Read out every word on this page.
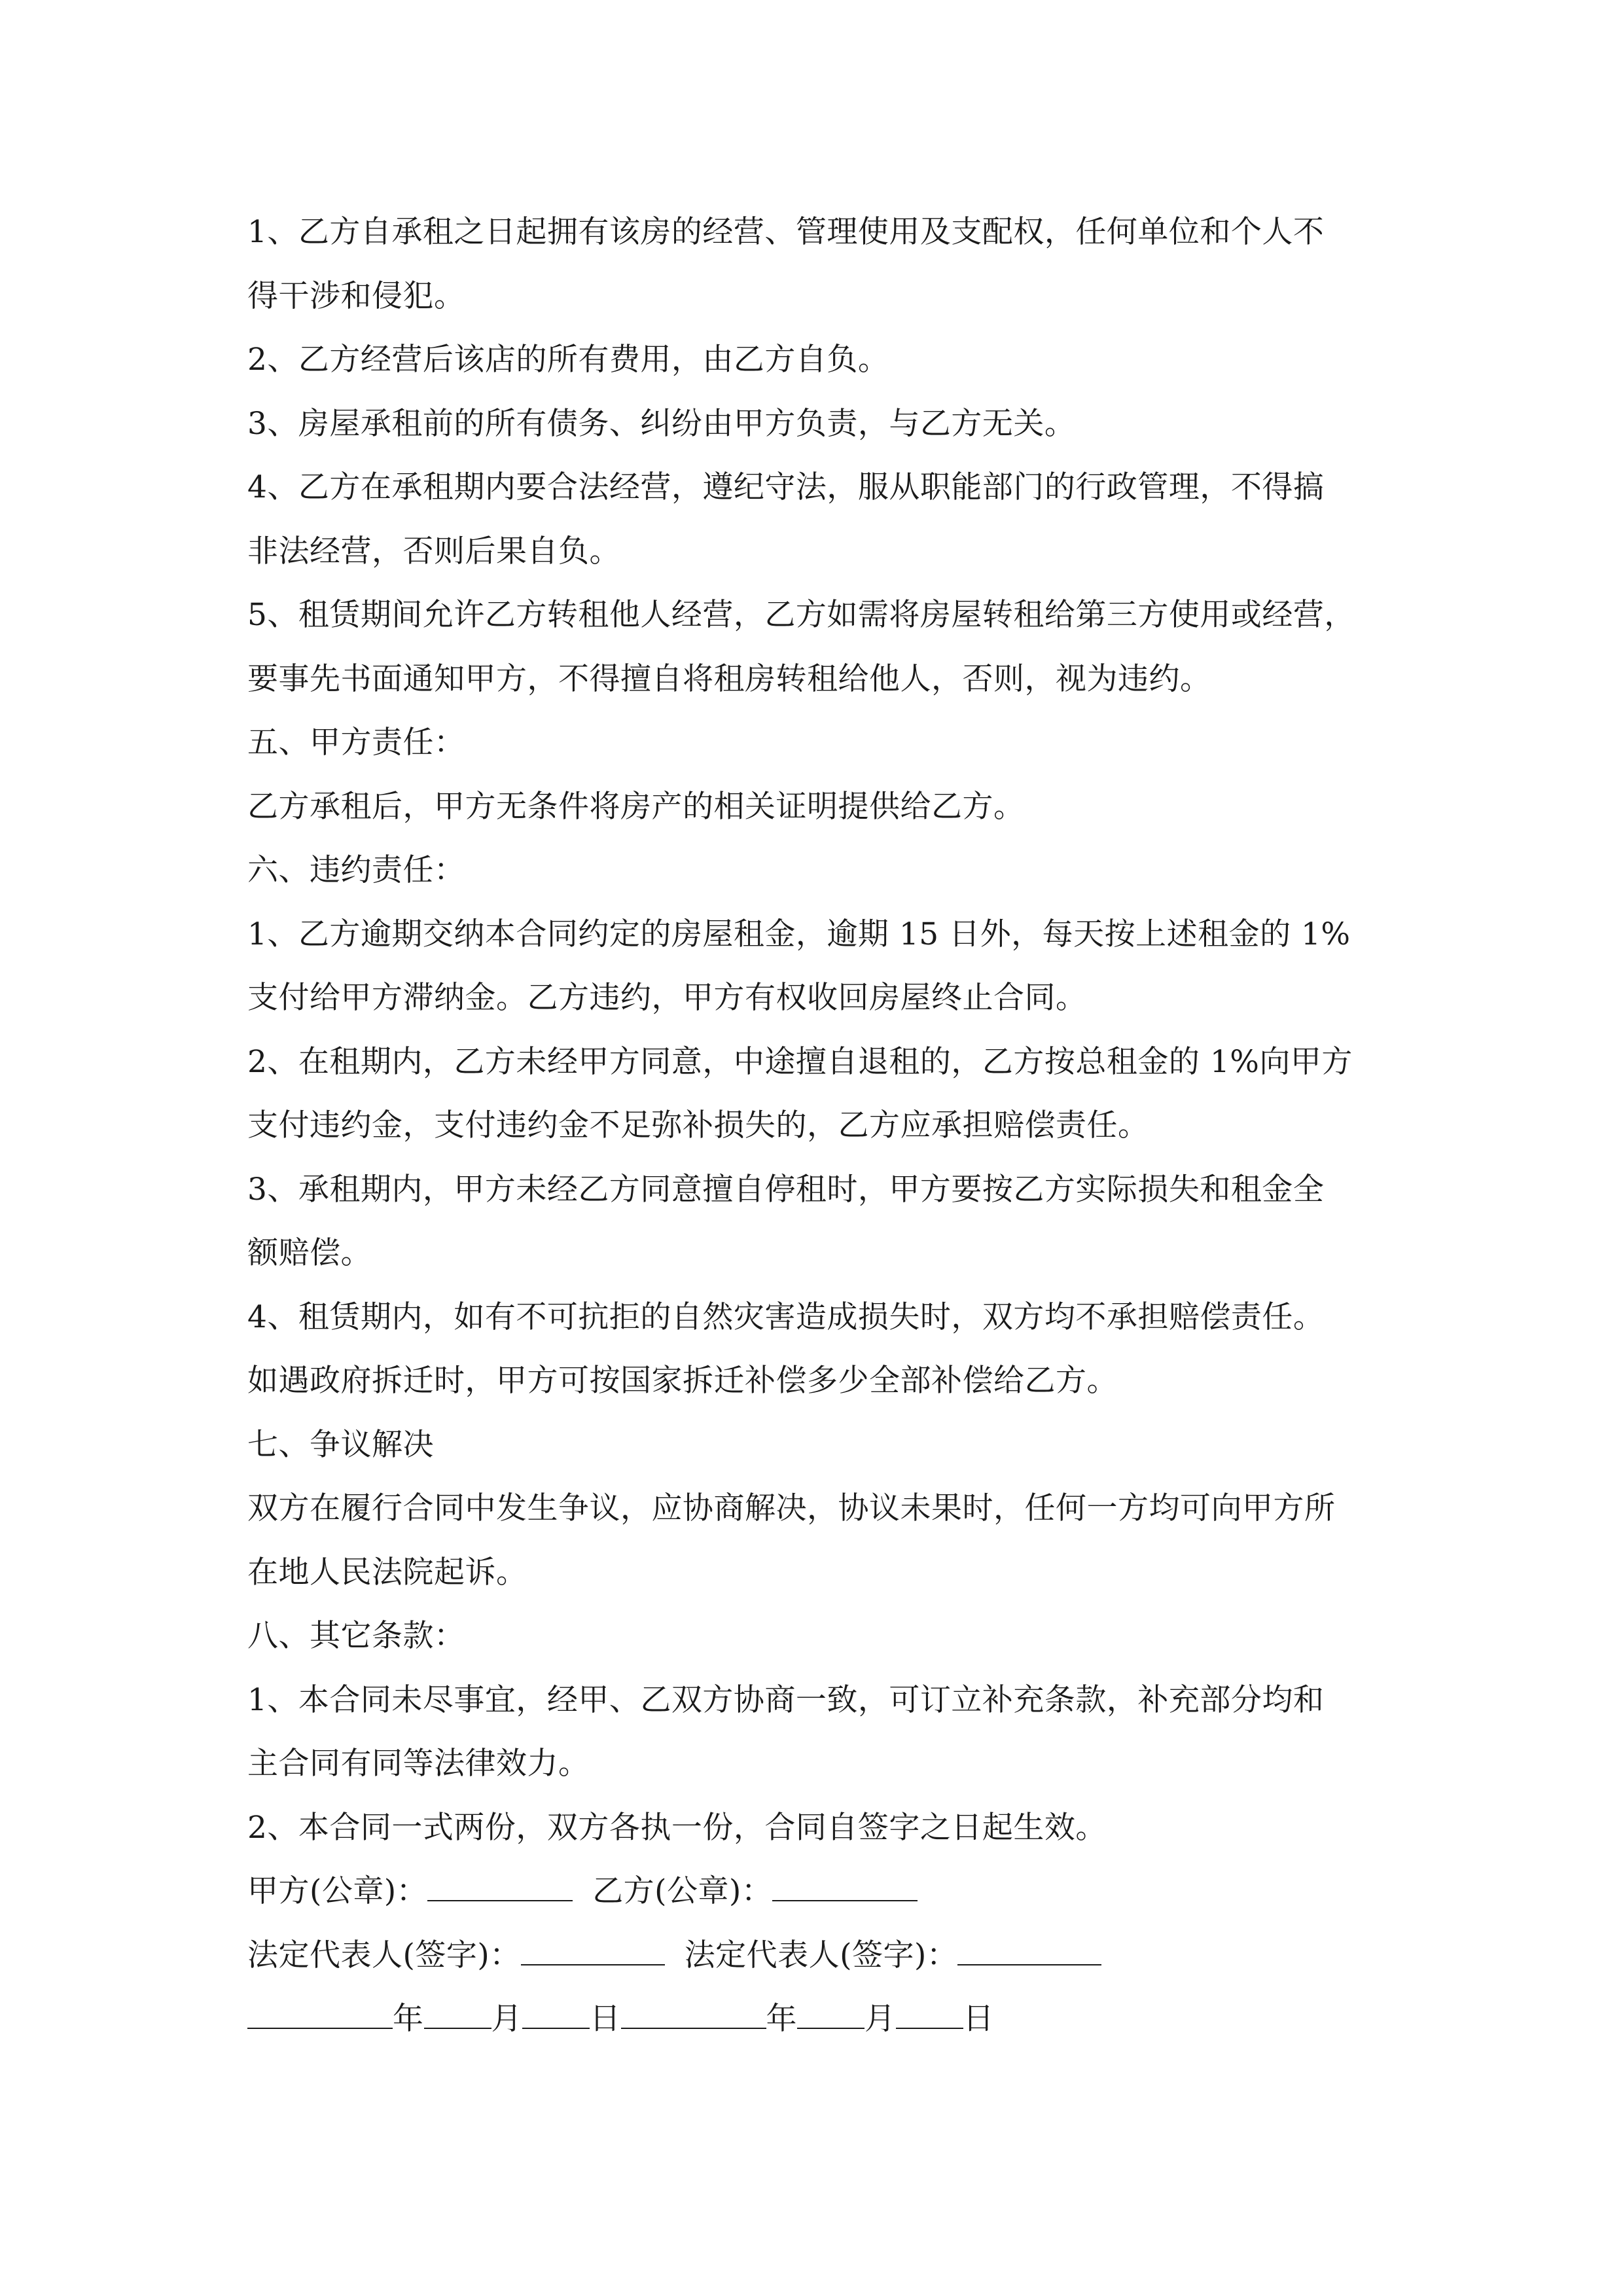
1、乙方自承租之日起拥有该房的经营、管理使用及支配权，任何单位和个人不
得干涉和侵犯。
2、乙方经营后该店的所有费用，由乙方自负。
3、房屋承租前的所有债务、纠纷由甲方负责，与乙方无关。
4、乙方在承租期内要合法经营，遵纪守法，服从职能部门的行政管理，不得搞
非法经营，否则后果自负。
5、租赁期间允许乙方转租他人经营，乙方如需将房屋转租给第三方使用或经营，
要事先书面通知甲方，不得擅自将租房转租给他人，否则，视为违约。
五、甲方责任：
乙方承租后，甲方无条件将房产的相关证明提供给乙方。
六、违约责任：
1、乙方逾期交纳本合同约定的房屋租金，逾期 15 日外，每天按上述租金的 1%
支付给甲方滞纳金。乙方违约，甲方有权收回房屋终止合同。
2、在租期内，乙方未经甲方同意，中途擅自退租的，乙方按总租金的 1%向甲方
支付违约金，支付违约金不足弥补损失的，乙方应承担赔偿责任。
3、承租期内，甲方未经乙方同意擅自停租时，甲方要按乙方实际损失和租金全
额赔偿。
4、租赁期内，如有不可抗拒的自然灾害造成损失时，双方均不承担赔偿责任。
如遇政府拆迁时，甲方可按国家拆迁补偿多少全部补偿给乙方。
七、争议解决
双方在履行合同中发生争议，应协商解决，协议未果时，任何一方均可向甲方所
在地人民法院起诉。
八、其它条款：
1、本合同未尽事宜，经甲、乙双方协商一致，可订立补充条款，补充部分均和
主合同有同等法律效力。
2、本合同一式两份，双方各执一份，合同自签字之日起生效。
甲方(公章)：	乙方(公章)：
法定代表人(签字)：	法定代表人(签字)：
年 月 日	年 月 日
